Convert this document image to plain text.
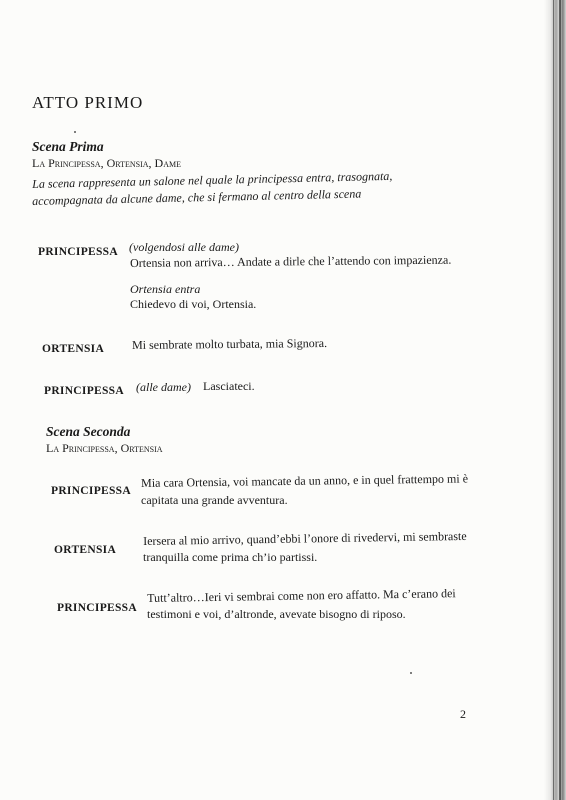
ATTO PRIMO
Scena Prima
La Principessa, Ortensia, Dame
La scena rappresenta un salone nel quale la principessa entra, trasognata,
accompagnata da alcune dame, che si fermano al centro della scena
PRINCIPESSA (volgendosi alle dame)
Ortensia non arriva… Andate a dirle che l’attendo con impazienza.
Ortensia entra
Chiedevo di voi, Ortensia.
ORTENSIA Mi sembrate molto turbata, mia Signora.
PRINCIPESSA (alle dame) Lasciateci.
Scena Seconda
La Principessa, Ortensia
PRINCIPESSA
Mia cara Ortensia, voi mancate da un anno, e in quel frattempo mi è
capitata una grande avventura.
ORTENSIA
Iersera al mio arrivo, quand’ebbi l’onore di rivedervi, mi sembraste
tranquilla come prima ch’io partissi.
PRINCIPESSA
Tutt’altro…Ieri vi sembrai come non ero affatto. Ma c’erano dei
testimoni e voi, d’altronde, avevate bisogno di riposo.
2
